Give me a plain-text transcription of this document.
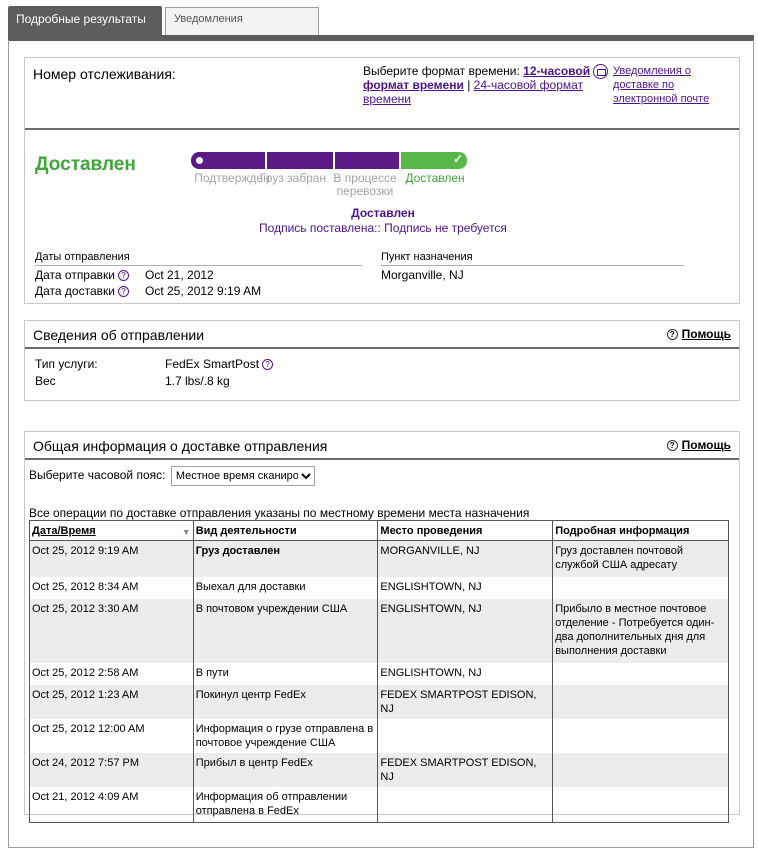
Подробные результаты	Уведомления
Номер отслеживания:	Выберите формат времени: 12-часовой формат времени | 24-часовой формат времени
Уведомления о доставке по электронной почте
Доставлен	✓
Подтвержден
Груз забран В процессе перевозки
Доставлен
Доставлен
Подпись поставлена:: Подпись не требуется
Даты отправления	Пункт назначения
Дата отправки ? Oct 21, 2012
Дата доставки ? Oct 25, 2012 9:19 AM
Morganville, NJ
Сведения об отправлении	? Помощь
Тип услуги:	FedEx SmartPost ?
Вес	1.7 lbs/.8 kg
Общая информация о доставке отправления	? Помощь
Выберите часовой пояс:
Местное время сканиро
Все операции по доставке отправления указаны по местному времени места назначения
Дата/Время ▼	Вид деятельности	Место проведения	Подробная информация
Oct 25, 2012 9:19 AM	Груз доставлен	MORGANVILLE, NJ	Груз доставлен почтовой службой США адресату
Oct 25, 2012 8:34 AM	Выехал для доставки	ENGLISHTOWN, NJ	
Oct 25, 2012 3:30 AM	В почтовом учреждении США	ENGLISHTOWN, NJ	Прибыло в местное почтовое отделение - Потребуется один-два дополнительных дня для выполнения доставки
Oct 25, 2012 2:58 AM	В пути	ENGLISHTOWN, NJ	
Oct 25, 2012 1:23 AM	Покинул центр FedEx	FEDEX SMARTPOST EDISON, NJ	
Oct 25, 2012 12:00 AM	Информация о грузе отправлена в почтовое учреждение США		
Oct 24, 2012 7:57 PM	Прибыл в центр FedEx	FEDEX SMARTPOST EDISON, NJ	
Oct 21, 2012 4:09 AM	Информация об отправлении отправлена в FedEx		
